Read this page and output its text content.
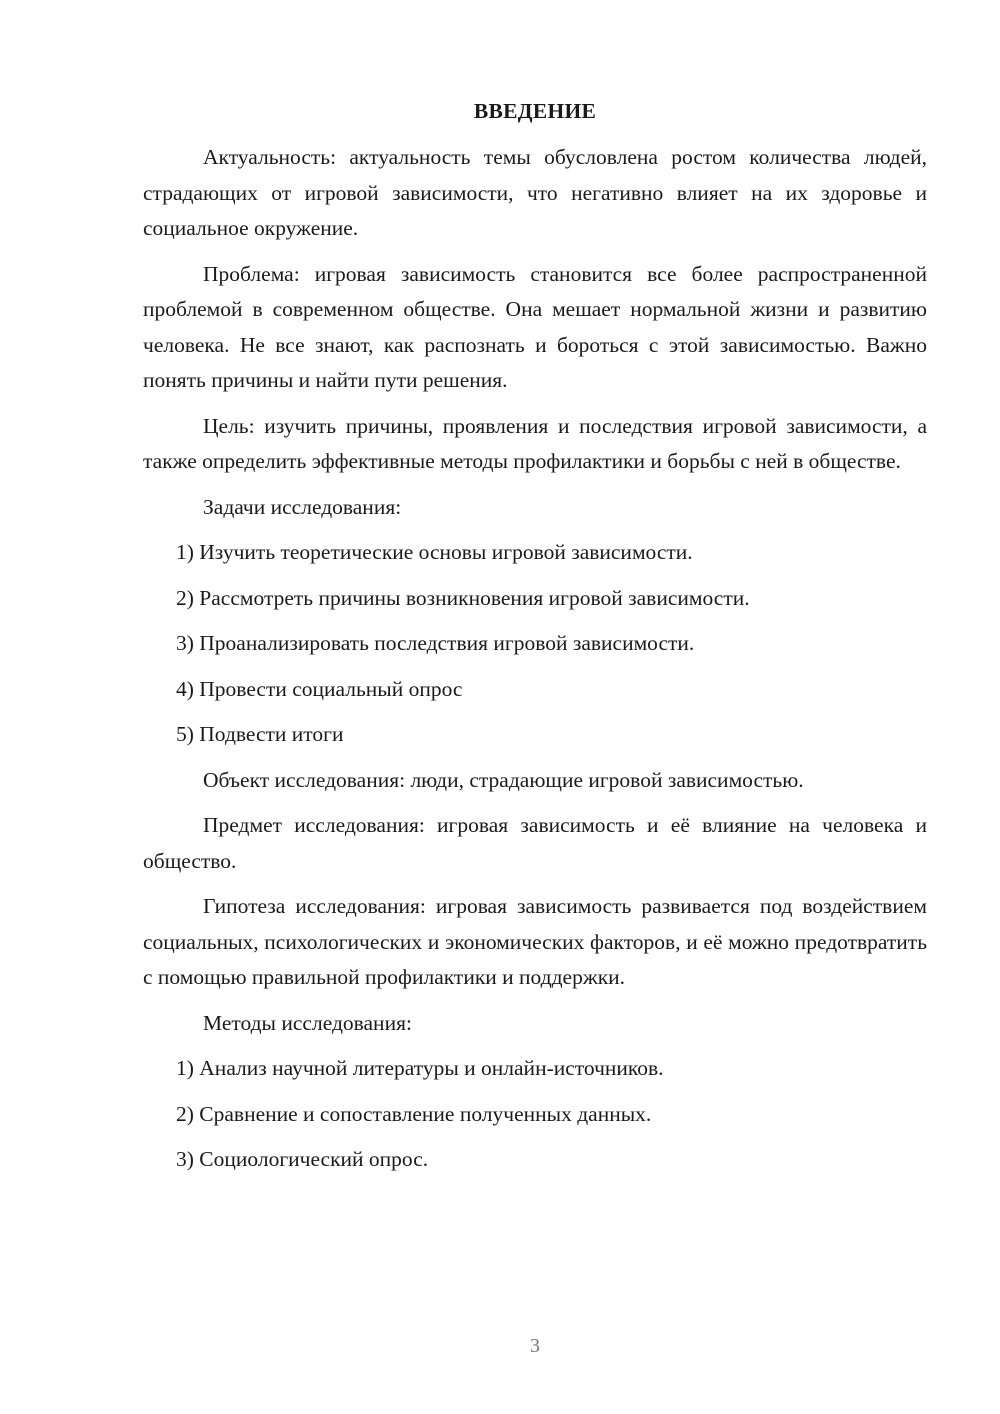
ВВЕДЕНИЕ

Актуальность: актуальность темы обусловлена ростом количества людей, страдающих от игровой зависимости, что негативно влияет на их здоровье и социальное окружение.

Проблема: игровая зависимость становится все более распространенной проблемой в современном обществе. Она мешает нормальной жизни и развитию человека. Не все знают, как распознать и бороться с этой зависимостью. Важно понять причины и найти пути решения.

Цель: изучить причины, проявления и последствия игровой зависимости, а также определить эффективные методы профилактики и борьбы с ней в обществе.

Задачи исследования:

1) Изучить теоретические основы игровой зависимости.

2) Рассмотреть причины возникновения игровой зависимости.

3) Проанализировать последствия игровой зависимости.

4) Провести социальный опрос

5) Подвести итоги

Объект исследования: люди, страдающие игровой зависимостью.

Предмет исследования: игровая зависимость и её влияние на человека и общество.

Гипотеза исследования: игровая зависимость развивается под воздействием социальных, психологических и экономических факторов, и её можно предотвратить с помощью правильной профилактики и поддержки.

Методы исследования:

1) Анализ научной литературы и онлайн-источников.

2) Сравнение и сопоставление полученных данных.

3) Социологический опрос.

3
